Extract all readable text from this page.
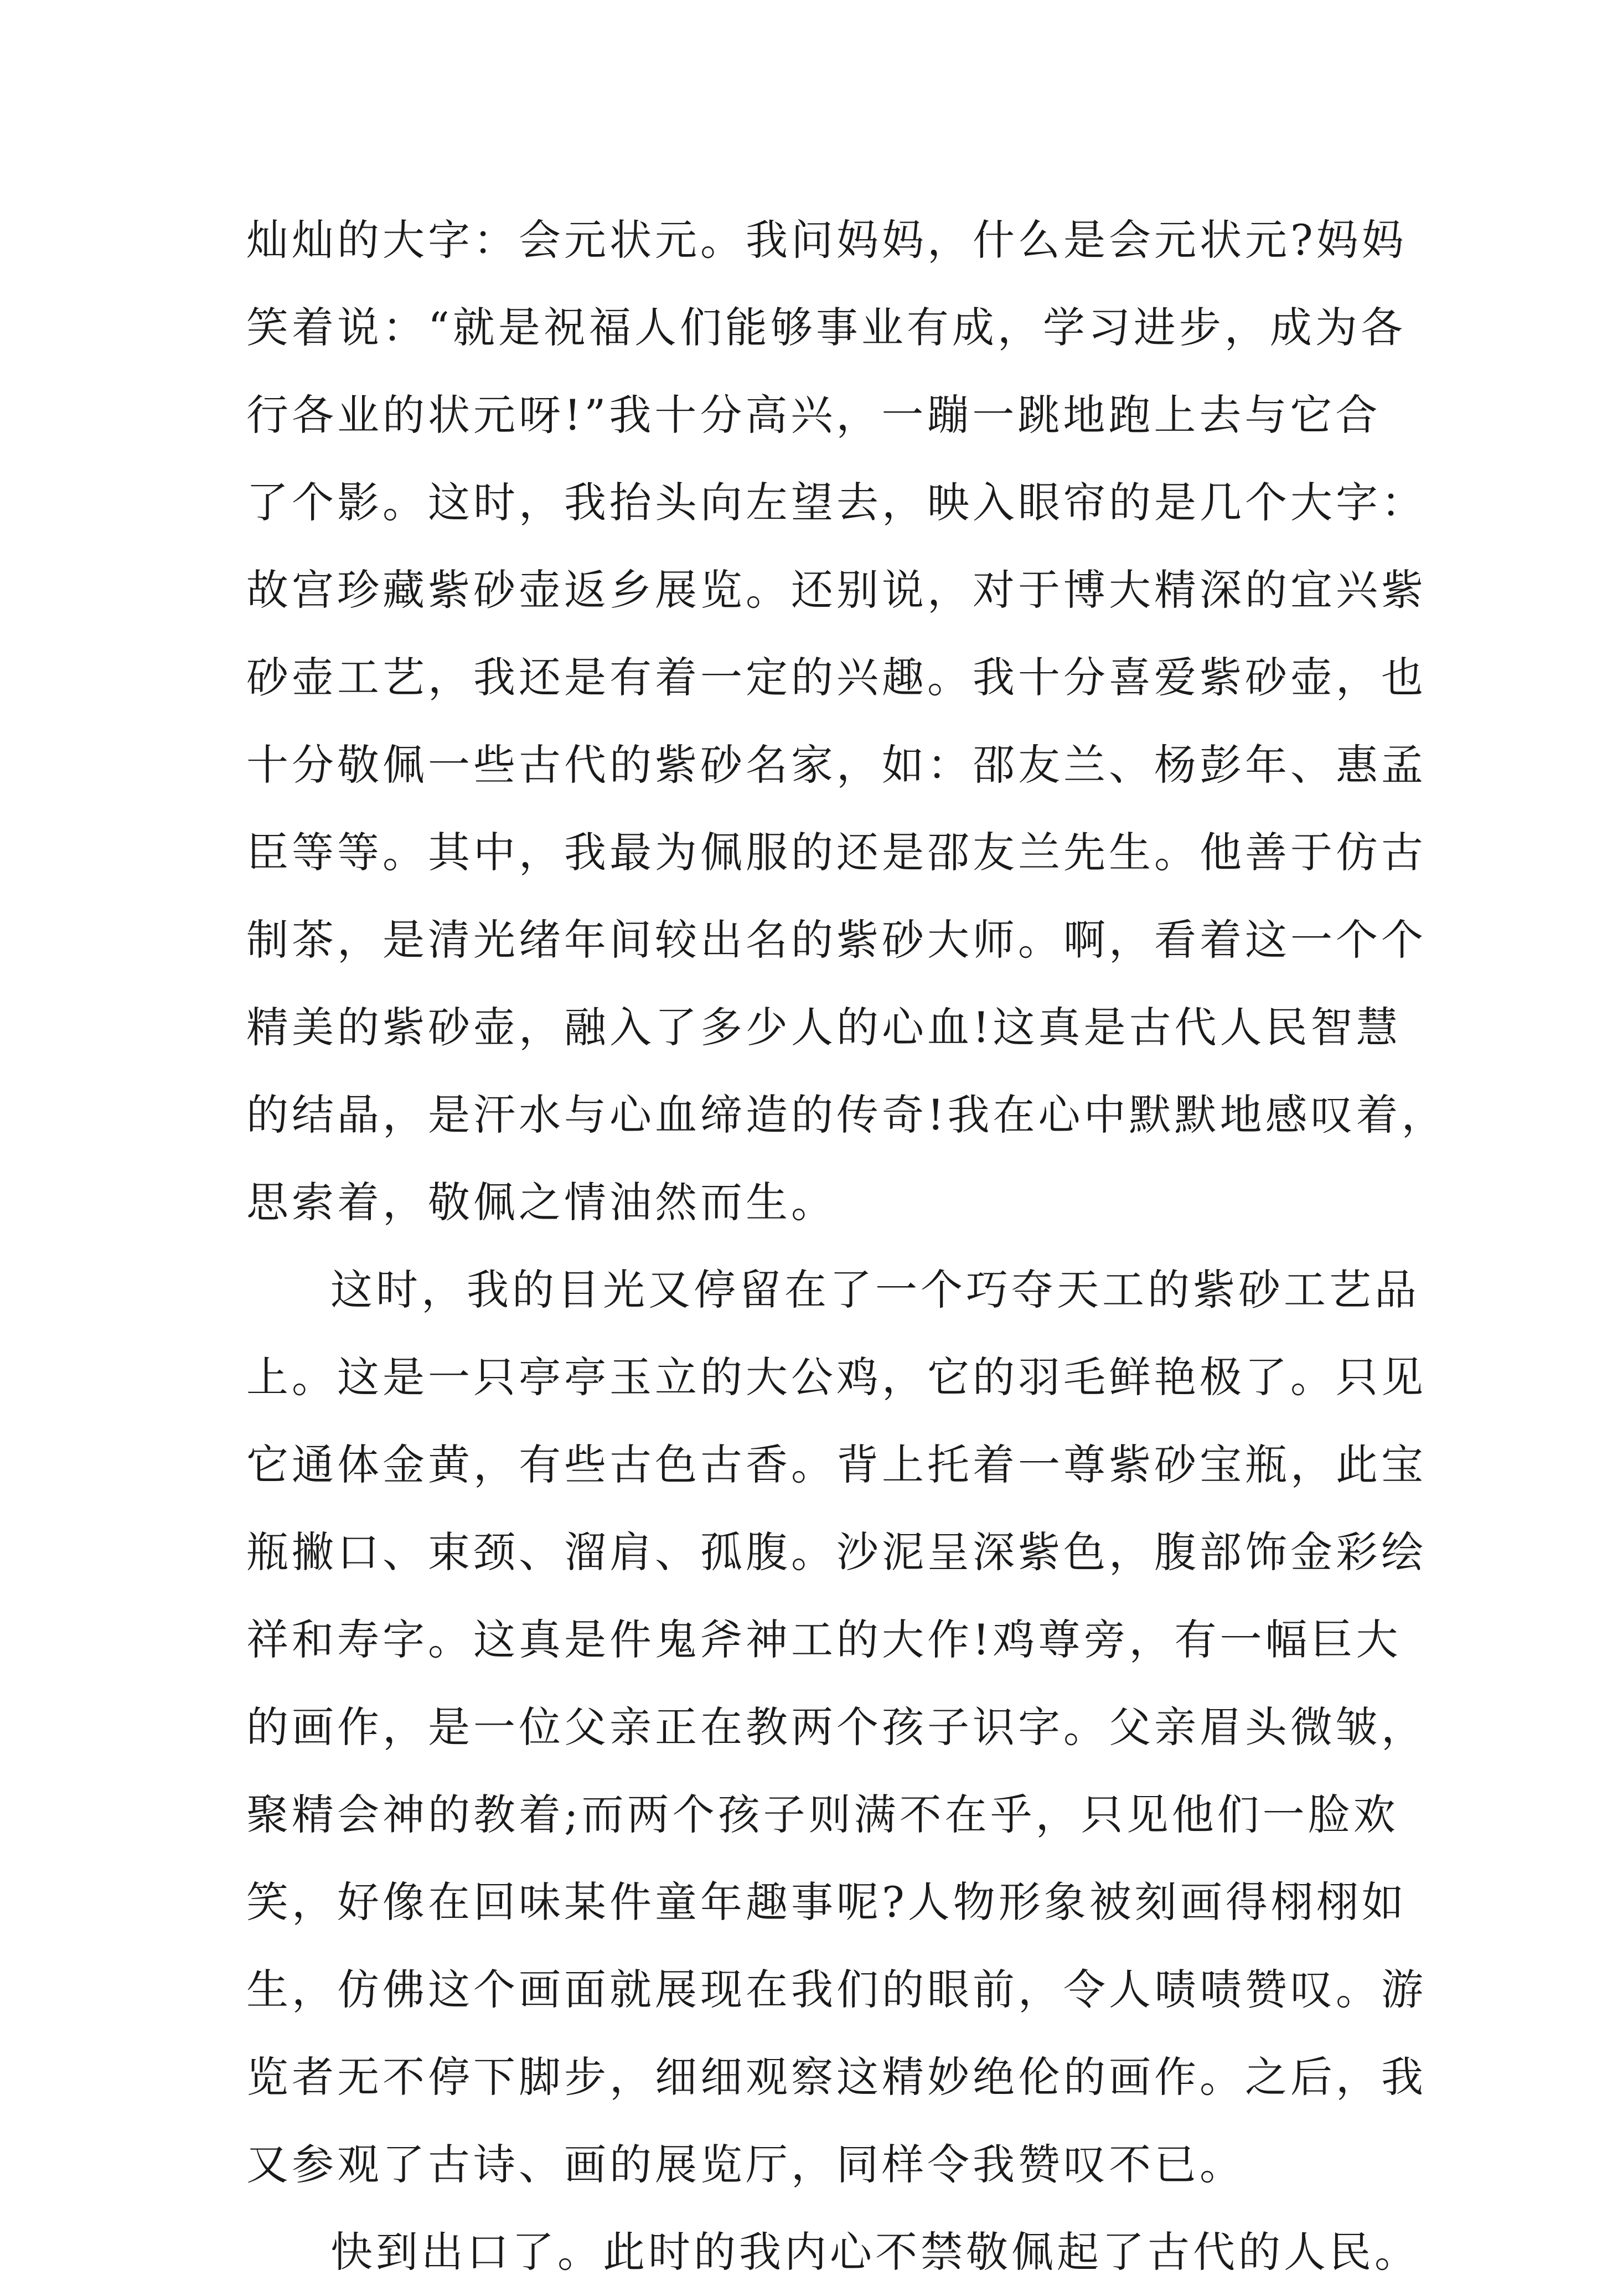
灿灿的大字：会元状元。我问妈妈，什么是会元状元?妈妈
笑着说：“就是祝福人们能够事业有成，学习进步，成为各
行各业的状元呀!”我十分高兴，一蹦一跳地跑上去与它合
了个影。这时，我抬头向左望去，映入眼帘的是几个大字：
故宫珍藏紫砂壶返乡展览。还别说，对于博大精深的宜兴紫
砂壶工艺，我还是有着一定的兴趣。我十分喜爱紫砂壶，也
十分敬佩一些古代的紫砂名家，如：邵友兰、杨彭年、惠孟
臣等等。其中，我最为佩服的还是邵友兰先生。他善于仿古
制茶，是清光绪年间较出名的紫砂大师。啊，看着这一个个
精美的紫砂壶，融入了多少人的心血!这真是古代人民智慧
的结晶，是汗水与心血缔造的传奇!我在心中默默地感叹着，
思索着，敬佩之情油然而生。
这时，我的目光又停留在了一个巧夺天工的紫砂工艺品
上。这是一只亭亭玉立的大公鸡，它的羽毛鲜艳极了。只见
它通体金黄，有些古色古香。背上托着一尊紫砂宝瓶，此宝
瓶撇口、束颈、溜肩、孤腹。沙泥呈深紫色，腹部饰金彩绘
祥和寿字。这真是件鬼斧神工的大作!鸡尊旁，有一幅巨大
的画作，是一位父亲正在教两个孩子识字。父亲眉头微皱，
聚精会神的教着;而两个孩子则满不在乎，只见他们一脸欢
笑，好像在回味某件童年趣事呢?人物形象被刻画得栩栩如
生，仿佛这个画面就展现在我们的眼前，令人啧啧赞叹。游
览者无不停下脚步，细细观察这精妙绝伦的画作。之后，我
又参观了古诗、画的展览厅，同样令我赞叹不已。
快到出口了。此时的我内心不禁敬佩起了古代的人民。
